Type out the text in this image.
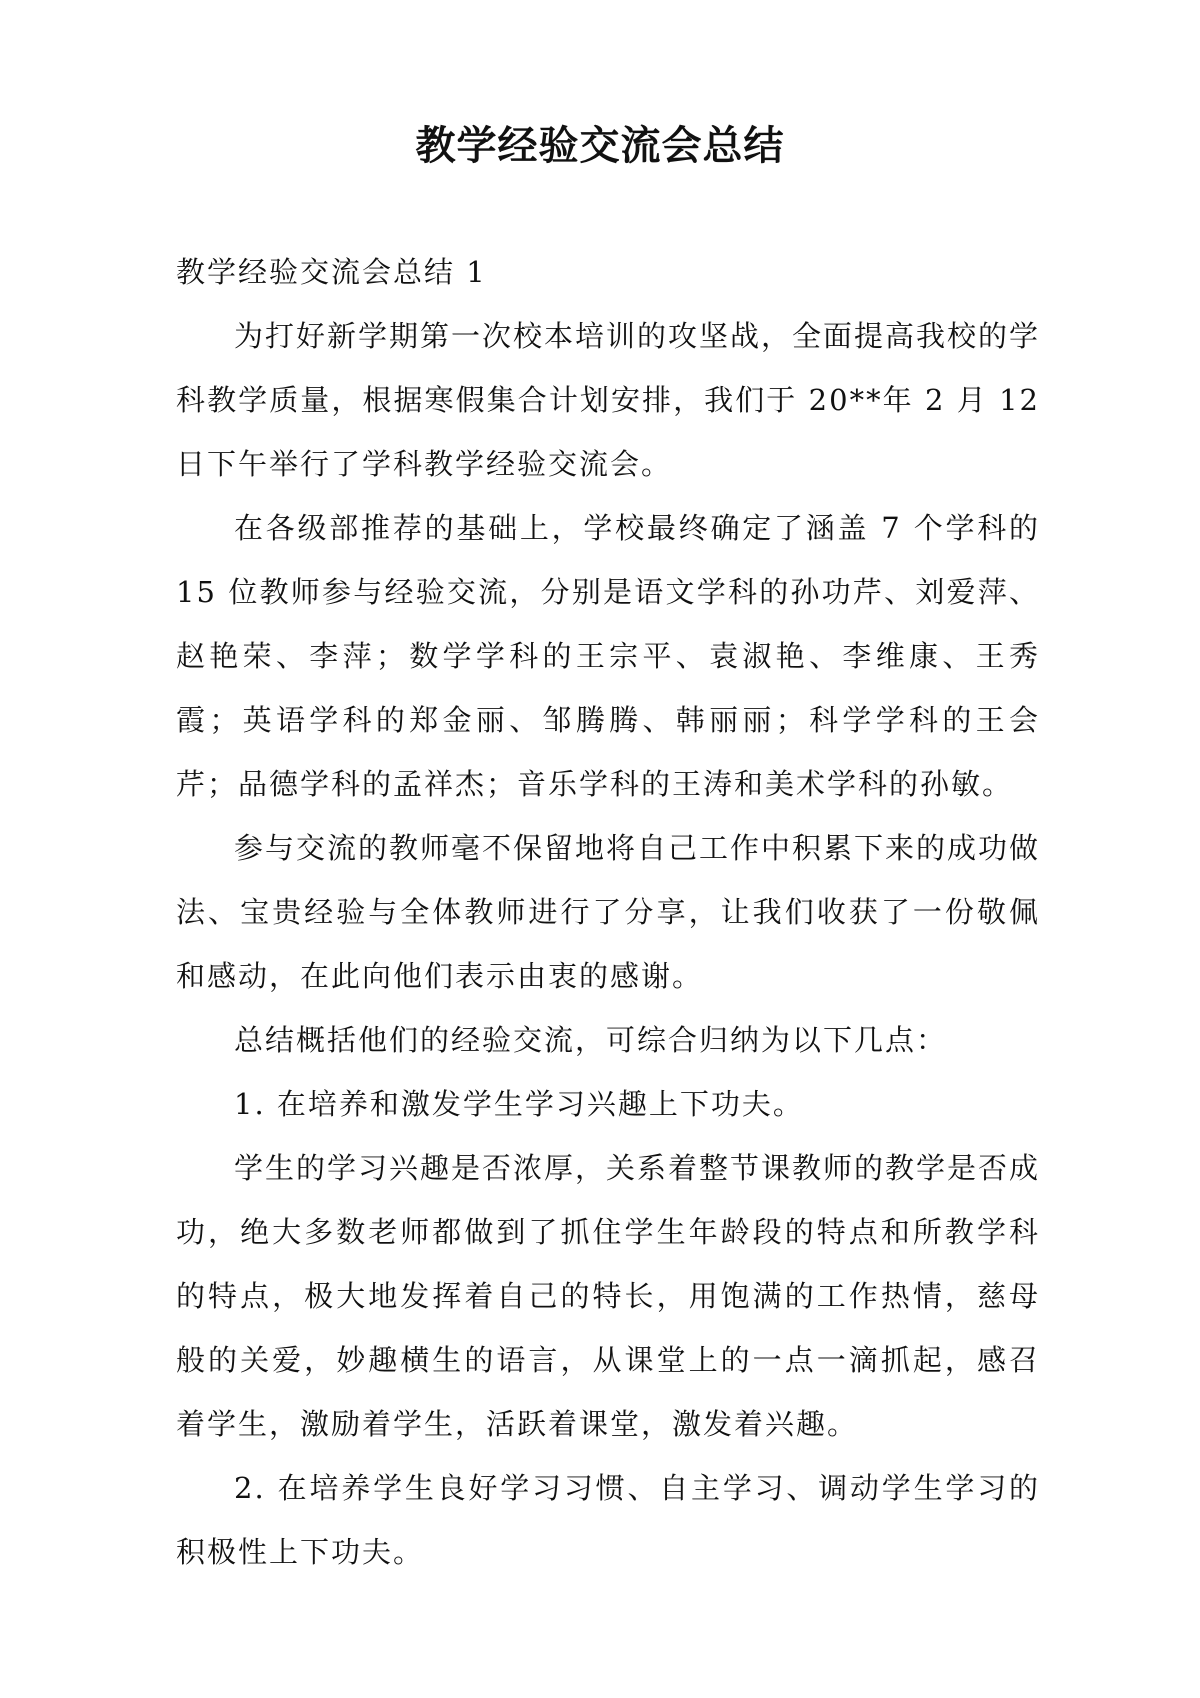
教学经验交流会总结

教学经验交流会总结 1

为打好新学期第一次校本培训的攻坚战，全面提高我校的学科教学质量，根据寒假集合计划安排，我们于 20**年 2 月 12 日下午举行了学科教学经验交流会。

在各级部推荐的基础上，学校最终确定了涵盖 7 个学科的 15 位教师参与经验交流，分别是语文学科的孙功芹、刘爱萍、赵艳荣、李萍；数学学科的王宗平、袁淑艳、李维康、王秀霞；英语学科的郑金丽、邹腾腾、韩丽丽；科学学科的王会芹；品德学科的孟祥杰；音乐学科的王涛和美术学科的孙敏。

参与交流的教师毫不保留地将自己工作中积累下来的成功做法、宝贵经验与全体教师进行了分享，让我们收获了一份敬佩和感动，在此向他们表示由衷的感谢。

总结概括他们的经验交流，可综合归纳为以下几点：

1. 在培养和激发学生学习兴趣上下功夫。

学生的学习兴趣是否浓厚，关系着整节课教师的教学是否成功，绝大多数老师都做到了抓住学生年龄段的特点和所教学科的特点，极大地发挥着自己的特长，用饱满的工作热情，慈母般的关爱，妙趣横生的语言，从课堂上的一点一滴抓起，感召着学生，激励着学生，活跃着课堂，激发着兴趣。

2. 在培养学生良好学习习惯、自主学习、调动学生学习的积极性上下功夫。
